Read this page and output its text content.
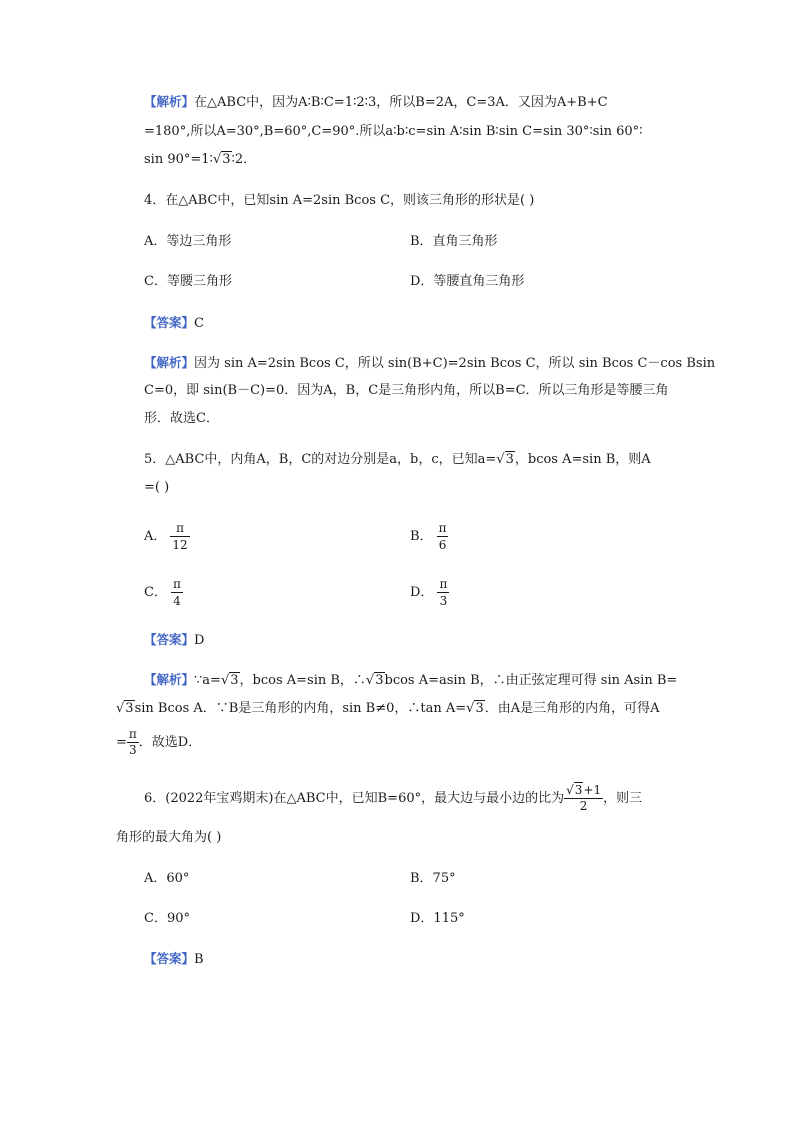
【解析】在△ABC中，因为A∶B∶C=1∶2∶3，所以B=2A，C=3A．又因为A+B+C
=180°,所以A=30°,B=60°,C=90°.所以a∶b∶c=sin A∶sin B∶sin C=sin 30°∶sin 60°∶
sin 90°=1∶√3∶2．
4．在△ABC中，已知sin A=2sin Bcos C，则该三角形的形状是( )
A．等边三角形	B．直角三角形
C．等腰三角形	D．等腰直角三角形
【答案】C
【解析】因为 sin A=2sin Bcos C，所以 sin(B+C)=2sin Bcos C，所以 sin Bcos C－cos Bsin
C=0，即 sin(B－C)=0．因为A，B，C是三角形内角，所以B=C．所以三角形是等腰三角
形．故选C．
5．△ABC中，内角A，B，C的对边分别是a，b，c，已知a=√3，bcos A=sin B，则A
=( )
A． $\frac{\pi}{12}$	B． $\frac{\pi}{6}$
C． $\frac{\pi}{4}$	D． $\frac{\pi}{3}$
【答案】D
【解析】∵a=√3，bcos A=sin B，∴√3bcos A=asin B，∴由正弦定理可得 sin Asin B=
√3sin Bcos A．∵B是三角形的内角，sin B≠0，∴tan A=√3．由A是三角形的内角，可得A
= $\frac{\pi}{3}$ ．故选D．
6．(2022年宝鸡期末)在△ABC中，已知B=60°，最大边与最小边的比为 $\frac{√3+1}{2}$ ，则三
角形的最大角为( )
A．60°	B．75°
C．90°	D．115°
【答案】B
